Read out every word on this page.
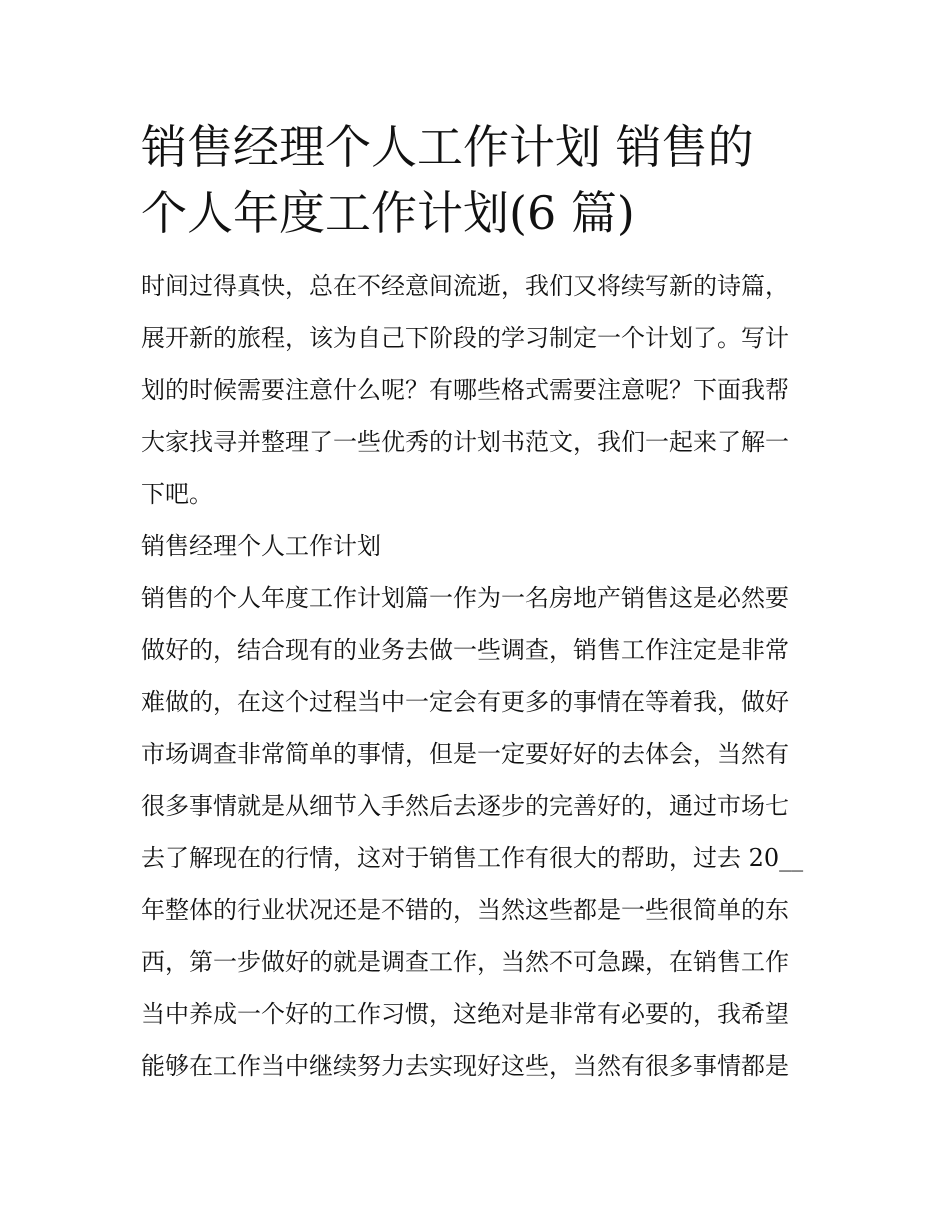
销售经理个人工作计划 销售的
个人年度工作计划(6 篇)
时间过得真快，总在不经意间流逝，我们又将续写新的诗篇，
展开新的旅程，该为自己下阶段的学习制定一个计划了。写计
划的时候需要注意什么呢？有哪些格式需要注意呢？下面我帮
大家找寻并整理了一些优秀的计划书范文，我们一起来了解一
下吧。
销售经理个人工作计划
销售的个人年度工作计划篇一作为一名房地产销售这是必然要
做好的，结合现有的业务去做一些调查，销售工作注定是非常
难做的，在这个过程当中一定会有更多的事情在等着我，做好
市场调查非常简单的事情，但是一定要好好的去体会，当然有
很多事情就是从细节入手然后去逐步的完善好的，通过市场七
去了解现在的行情，这对于销售工作有很大的帮助，过去 20__
年整体的行业状况还是不错的，当然这些都是一些很简单的东
西，第一步做好的就是调查工作，当然不可急躁，在销售工作
当中养成一个好的工作习惯，这绝对是非常有必要的，我希望
能够在工作当中继续努力去实现好这些，当然有很多事情都是
